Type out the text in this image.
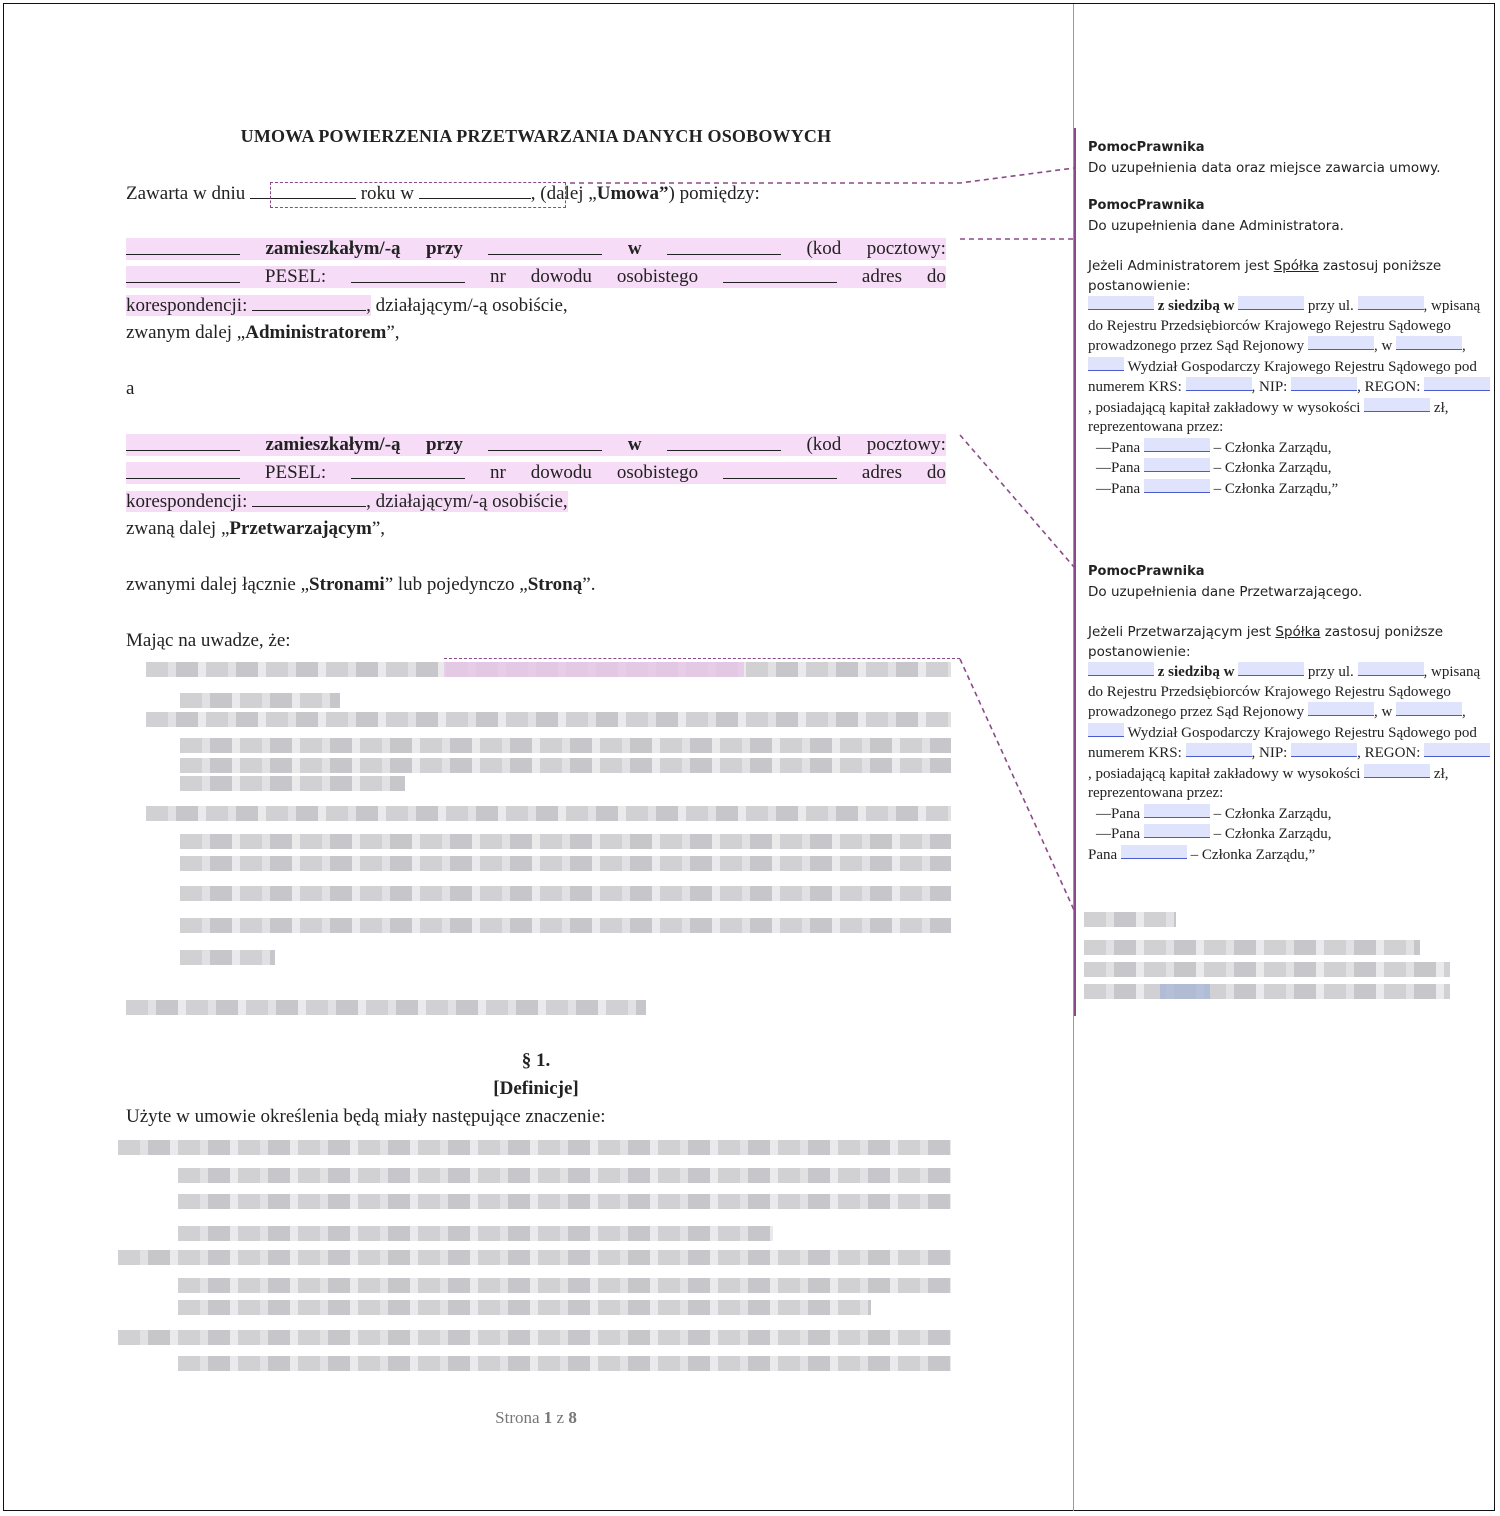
UMOWA POWIERZENIA PRZETWARZANIA DANYCH OSOBOWYCH
Zawarta w dniu	roku w	, (dalej „Umowa”) pomiędzy:
zamieszkałym/-ą przy	w	(kod pocztowy:
PESEL:	nr dowodu osobistego	adres do
korespondencji:	, działającym/-ą osobiście,
zwanym dalej „Administratorem”,
a
zamieszkałym/-ą przy	w	(kod pocztowy:
PESEL:	nr dowodu osobistego	adres do
korespondencji:	, działającym/-ą osobiście,
zwaną dalej „Przetwarzającym”,
zwanymi dalej łącznie „Stronami” lub pojedynczo „Stroną”.
Mając na uwadze, że:
§ 1.
[Definicje]
Użyte w umowie określenia będą miały następujące znaczenie:
Strona 1 z 8
PomocPrawnika
Do uzupełnienia data oraz miejsce zawarcia umowy.
PomocPrawnika
Do uzupełnienia dane Administratora.
Jeżeli Administratorem jest Spółka zastosuj poniższe postanowienie:
z siedzibą w	przy ul.	, wpisaną do Rejestru Przedsiębiorców Krajowego Rejestru Sądowego prowadzonego przez Sąd Rejonowy	, w	,  Wydział Gospodarczy Krajowego Rejestru Sądowego pod numerem KRS:	, NIP:	, REGON: , posiadającą kapitał zakładowy w wysokości	zł, reprezentowana przez:
—Pana	– Członka Zarządu,
—Pana	– Członka Zarządu,
—Pana	– Członka Zarządu,”
PomocPrawnika
Do uzupełnienia dane Przetwarzającego.
Jeżeli Przetwarzającym jest Spółka zastosuj poniższe postanowienie:
z siedzibą w	przy ul.	, wpisaną do Rejestru Przedsiębiorców Krajowego Rejestru Sądowego prowadzonego przez Sąd Rejonowy	, w	,  Wydział Gospodarczy Krajowego Rejestru Sądowego pod numerem KRS:	, NIP:	, REGON: , posiadającą kapitał zakładowy w wysokości	zł, reprezentowana przez:
—Pana	– Członka Zarządu,
—Pana	– Członka Zarządu,
Pana	– Członka Zarządu,”
